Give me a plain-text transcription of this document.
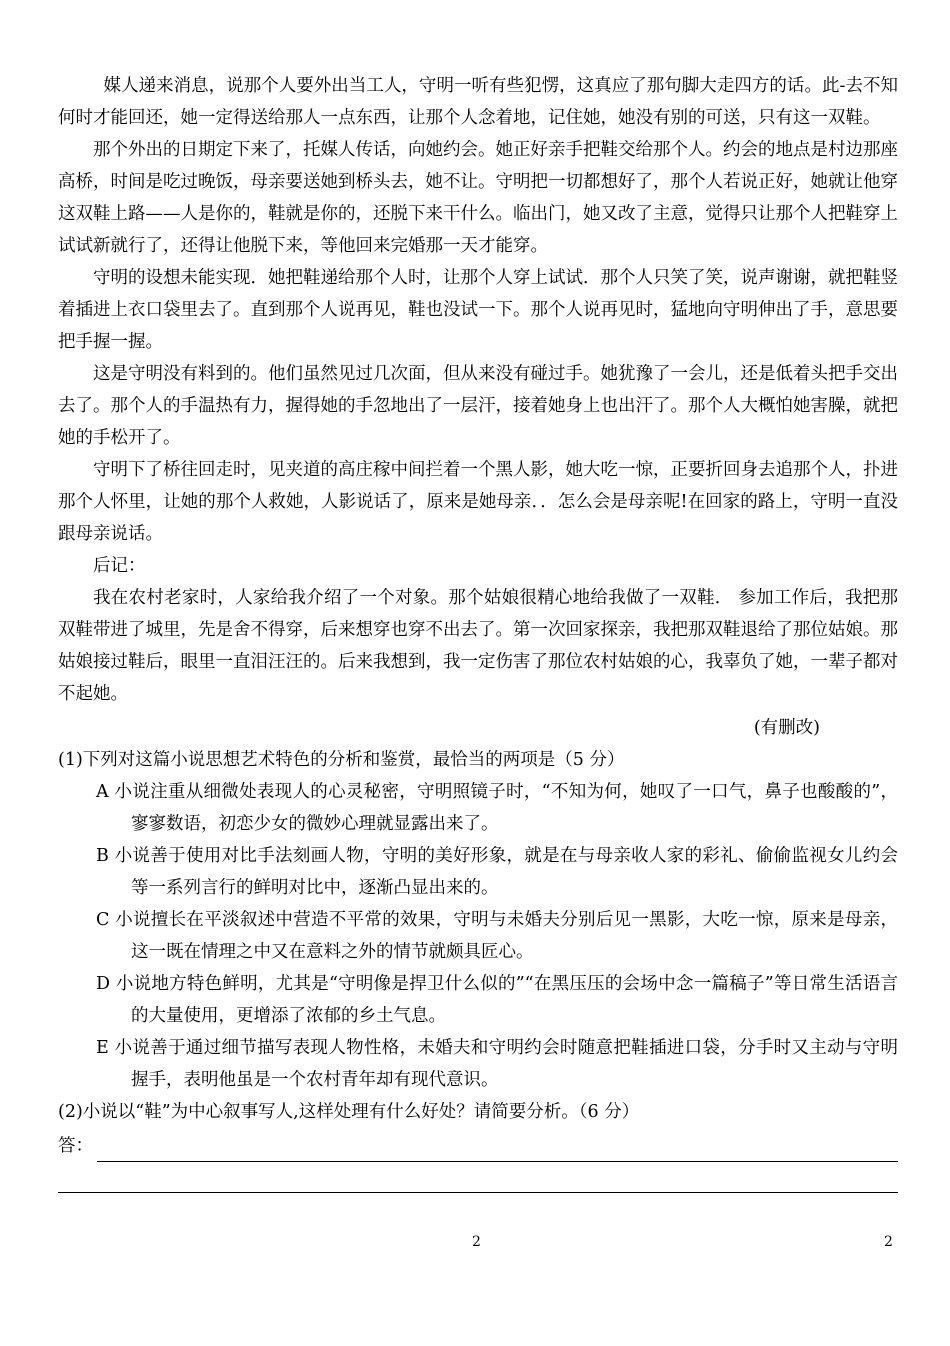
媒人递来消息，说那个人要外出当工人，守明一听有些犯愣，这真应了那句脚大走四方的话。此-去不知何时才能回还，她一定得送给那人一点东西，让那个人念着地，记住她，她没有别的可送，只有这一双鞋。

那个外出的日期定下来了，托媒人传话，向她约会。她正好亲手把鞋交给那个人。约会的地点是村边那座高桥，时间是吃过晚饭，母亲要送她到桥头去，她不让。守明把一切都想好了，那个人若说正好，她就让他穿这双鞋上路——人是你的，鞋就是你的，还脱下来干什么。临出门，她又改了主意，觉得只让那个人把鞋穿上试试新就行了，还得让他脱下来，等他回来完婚那一天才能穿。

守明的设想未能实现．她把鞋递给那个人时，让那个人穿上试试．那个人只笑了笑，说声谢谢，就把鞋竖着插进上衣口袋里去了。直到那个人说再见，鞋也没试一下。那个人说再见时，猛地向守明伸出了手，意思要把手握一握。

这是守明没有料到的。他们虽然见过几次面，但从来没有碰过手。她犹豫了一会儿，还是低着头把手交出去了。那个人的手温热有力，握得她的手忽地出了一层汗，接着她身上也出汗了。那个人大概怕她害臊，就把她的手松开了。

守明下了桥往回走时，见夹道的高庄稼中间拦着一个黑人影，她大吃一惊，正要折回身去追那个人，扑进那个人怀里，让她的那个人救她，人影说话了，原来是她母亲．．怎么会是母亲呢!在回家的路上，守明一直没跟母亲说话。

后记：

我在农村老家时，人家给我介绍了一个对象。那个姑娘很精心地给我做了一双鞋． 参加工作后，我把那双鞋带进了城里，先是舍不得穿，后来想穿也穿不出去了。第一次回家探亲，我把那双鞋退给了那位姑娘。那姑娘接过鞋后，眼里一直泪汪汪的。后来我想到，我一定伤害了那位农村姑娘的心，我辜负了她，一辈子都对不起她。

(有删改)

(1)下列对这篇小说思想艺术特色的分析和鉴赏，最恰当的两项是（5 分）

A 小说注重从细微处表现人的心灵秘密，守明照镜子时，“不知为何，她叹了一口气，鼻子也酸酸的”，寥寥数语，初恋少女的微妙心理就显露出来了。

B 小说善于使用对比手法刻画人物，守明的美好形象，就是在与母亲收人家的彩礼、偷偷监视女儿约会等一系列言行的鲜明对比中，逐渐凸显出来的。

C 小说擅长在平淡叙述中营造不平常的效果，守明与未婚夫分别后见一黑影，大吃一惊，原来是母亲，这一既在情理之中又在意料之外的情节就颇具匠心。

D 小说地方特色鲜明，尤其是“守明像是捍卫什么似的”“在黑压压的会场中念一篇稿子”等日常生活语言的大量使用，更增添了浓郁的乡土气息。

E 小说善于通过细节描写表现人物性格，未婚夫和守明约会时随意把鞋插进口袋，分手时又主动与守明握手，表明他虽是一个农村青年却有现代意识。

(2)小说以“鞋”为中心叙事写人,这样处理有什么好处？请简要分析。（6 分）

答：
2	2
